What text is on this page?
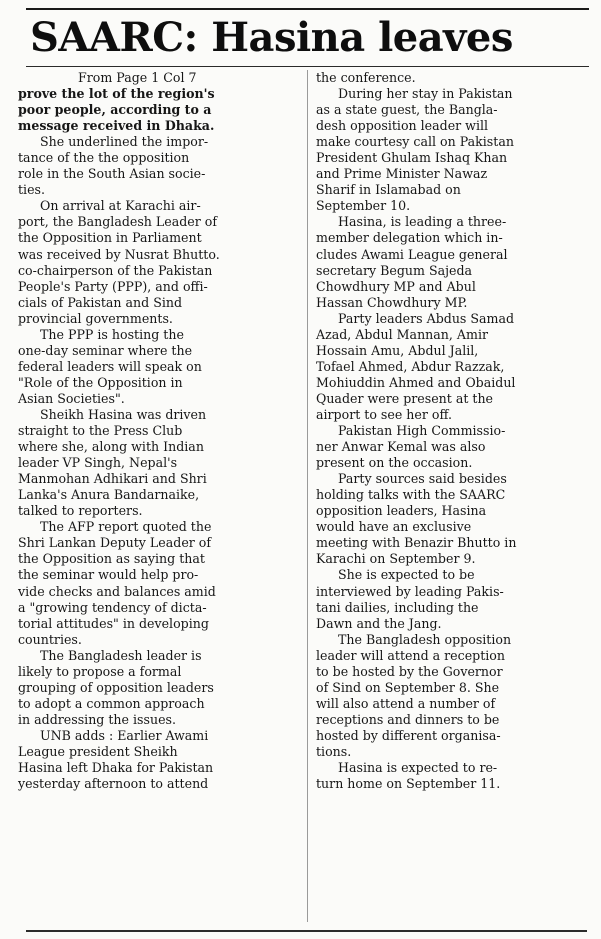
SAARC: Hasina leaves
From Page 1 Col 7
prove the lot of the region's
poor people, according to a
message received in Dhaka.
She underlined the impor-
tance of the the opposition
role in the South Asian socie-
ties.
On arrival at Karachi air-
port, the Bangladesh Leader of
the Opposition in Parliament
was received by Nusrat Bhutto.
co-chairperson of the Pakistan
People's Party (PPP), and offi-
cials of Pakistan and Sind
provincial governments.
The PPP is hosting the
one-day seminar where the
federal leaders will speak on
"Role of the Opposition in
Asian Societies".
Sheikh Hasina was driven
straight to the Press Club
where she, along with Indian
leader VP Singh, Nepal's
Manmohan Adhikari and Shri
Lanka's Anura Bandarnaike,
talked to reporters.
The AFP report quoted the
Shri Lankan Deputy Leader of
the Opposition as saying that
the seminar would help pro-
vide checks and balances amid
a "growing tendency of dicta-
torial attitudes" in developing
countries.
The Bangladesh leader is
likely to propose a formal
grouping of opposition leaders
to adopt a common approach
in addressing the issues.
UNB adds : Earlier Awami
League president Sheikh
Hasina left Dhaka for Pakistan
yesterday afternoon to attend
the conference.
During her stay in Pakistan
as a state guest, the Bangla-
desh opposition leader will
make courtesy call on Pakistan
President Ghulam Ishaq Khan
and Prime Minister Nawaz
Sharif in Islamabad on
September 10.
Hasina, is leading a three-
member delegation which in-
cludes Awami League general
secretary Begum Sajeda
Chowdhury MP and Abul
Hassan Chowdhury MP.
Party leaders Abdus Samad
Azad, Abdul Mannan, Amir
Hossain Amu, Abdul Jalil,
Tofael Ahmed, Abdur Razzak,
Mohiuddin Ahmed and Obaidul
Quader were present at the
airport to see her off.
Pakistan High Commissio-
ner Anwar Kemal was also
present on the occasion.
Party sources said besides
holding talks with the SAARC
opposition leaders, Hasina
would have an exclusive
meeting with Benazir Bhutto in
Karachi on September 9.
She is expected to be
interviewed by leading Pakis-
tani dailies, including the
Dawn and the Jang.
The Bangladesh opposition
leader will attend a reception
to be hosted by the Governor
of Sind on September 8. She
will also attend a number of
receptions and dinners to be
hosted by different organisa-
tions.
Hasina is expected to re-
turn home on September 11.
